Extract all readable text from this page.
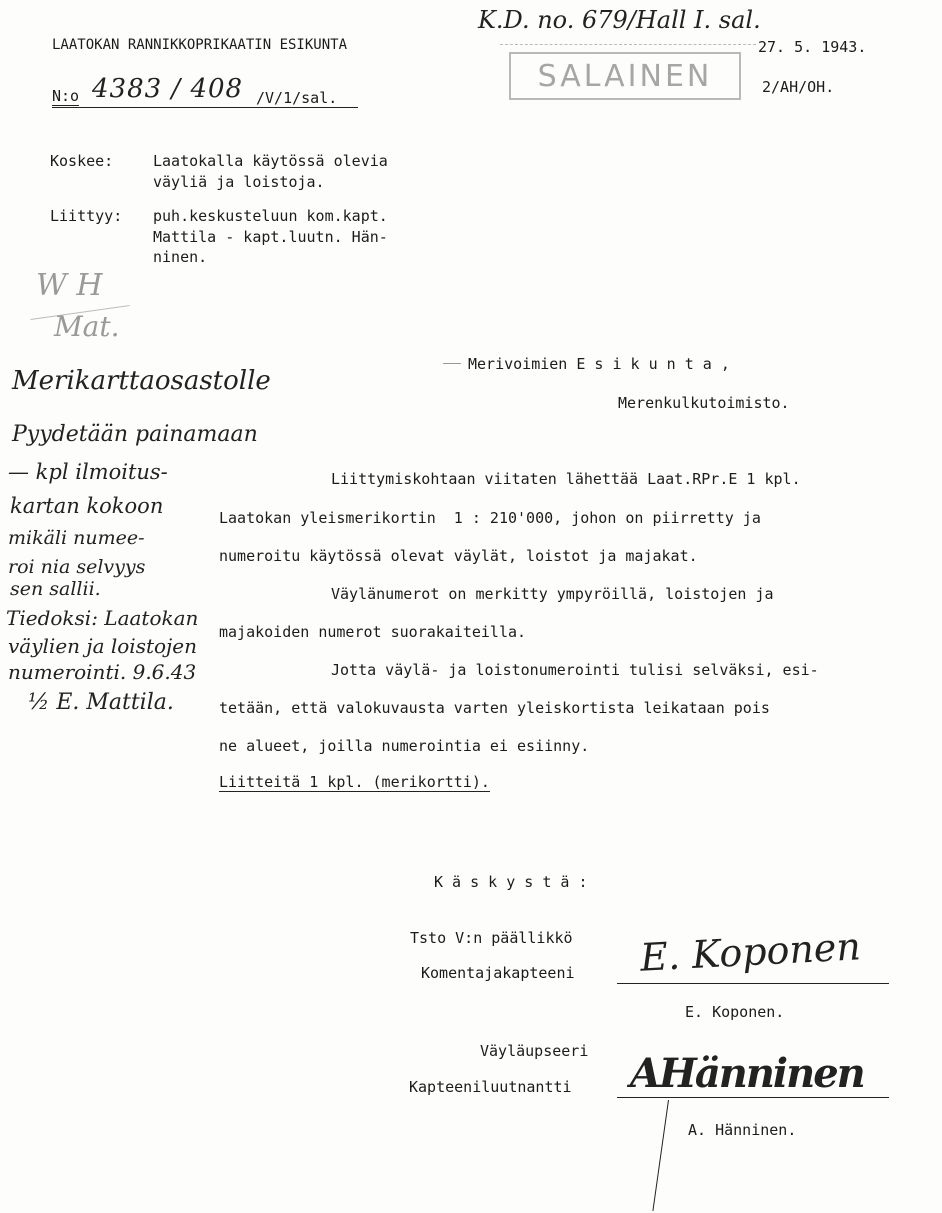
LAATOKAN RANNIKKOPRIKAATIN ESIKUNTA
N:o 4383 / 408 /V/1/sal.
K.D. no. 679/Hall I. sal.
SALAINEN
27. 5. 1943.
2/AH/OH.
Koskee:	Laatokalla käytössä olevia
väyliä ja loistoja.
Liittyy: puh.keskusteluun kom.kapt.
Mattila - kapt.luutn. Hän-
ninen.
W H
Mat.
Merikarttaosastolle
Pyydetään painamaan
— kpl ilmoitus-
kartan kokoon
mikäli numee-
roi nia selvyys
sen sallii.
Tiedoksi: Laatokan
väylien ja loistojen
numerointi. 9.6.43
½ E. Mattila.
Merivoimien E s i k u n t a ,
Merenkulkutoimisto.
Liittymiskohtaan viitaten lähettää Laat.RPr.E 1 kpl.
Laatokan yleismerikortin  1 : 210'000, johon on piirretty ja
numeroitu käytössä olevat väylät, loistot ja majakat.
Väylänumerot on merkitty ympyröillä, loistojen ja
majakoiden numerot suorakaiteilla.
Jotta väylä- ja loistonumerointi tulisi selväksi, esi-
tetään, että valokuvausta varten yleiskortista leikataan pois
ne alueet, joilla numerointia ei esiinny.
Liitteitä 1 kpl. (merikortti).
K ä s k y s t ä :
Tsto V:n päällikkö
Komentajakapteeni E. Koponen
E. Koponen.
Väyläupseeri
Kapteeniluutnantti AHänninen
A. Hänninen.
